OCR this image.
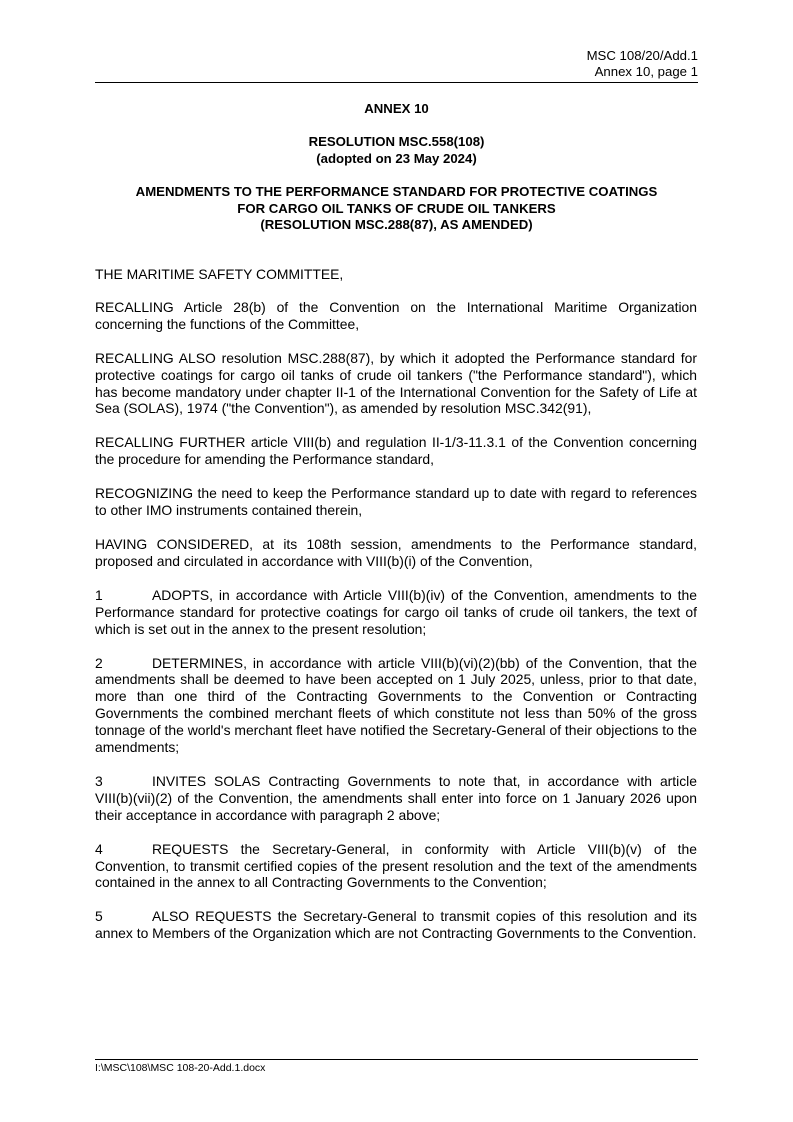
MSC 108/20/Add.1
Annex 10, page 1
ANNEX 10
RESOLUTION MSC.558(108)
(adopted on 23 May 2024)
AMENDMENTS TO THE PERFORMANCE STANDARD FOR PROTECTIVE COATINGS
FOR CARGO OIL TANKS OF CRUDE OIL TANKERS
(RESOLUTION MSC.288(87), AS AMENDED)

THE MARITIME SAFETY COMMITTEE,

RECALLING Article 28(b) of the Convention on the International Maritime Organization concerning the functions of the Committee,

RECALLING ALSO resolution MSC.288(87), by which it adopted the Performance standard for protective coatings for cargo oil tanks of crude oil tankers ("the Performance standard"), which has become mandatory under chapter II-1 of the International Convention for the Safety of Life at Sea (SOLAS), 1974 ("the Convention"), as amended by resolution MSC.342(91),

RECALLING FURTHER article VIII(b) and regulation II-1/3-11.3.1 of the Convention concerning the procedure for amending the Performance standard,

RECOGNIZING the need to keep the Performance standard up to date with regard to references to other IMO instruments contained therein,

HAVING CONSIDERED, at its 108th session, amendments to the Performance standard, proposed and circulated in accordance with VIII(b)(i) of the Convention,

1	ADOPTS, in accordance with Article VIII(b)(iv) of the Convention, amendments to the Performance standard for protective coatings for cargo oil tanks of crude oil tankers, the text of which is set out in the annex to the present resolution;

2	DETERMINES, in accordance with article VIII(b)(vi)(2)(bb) of the Convention, that the amendments shall be deemed to have been accepted on 1 July 2025, unless, prior to that date, more than one third of the Contracting Governments to the Convention or Contracting Governments the combined merchant fleets of which constitute not less than 50% of the gross tonnage of the world's merchant fleet have notified the Secretary-General of their objections to the amendments;

3	INVITES SOLAS Contracting Governments to note that, in accordance with article VIII(b)(vii)(2) of the Convention, the amendments shall enter into force on 1 January 2026 upon their acceptance in accordance with paragraph 2 above;

4	REQUESTS the Secretary-General, in conformity with Article VIII(b)(v) of the Convention, to transmit certified copies of the present resolution and the text of the amendments contained in the annex to all Contracting Governments to the Convention;

5	ALSO REQUESTS the Secretary-General to transmit copies of this resolution and its annex to Members of the Organization which are not Contracting Governments to the Convention.

I:\MSC\108\MSC 108-20-Add.1.docx
